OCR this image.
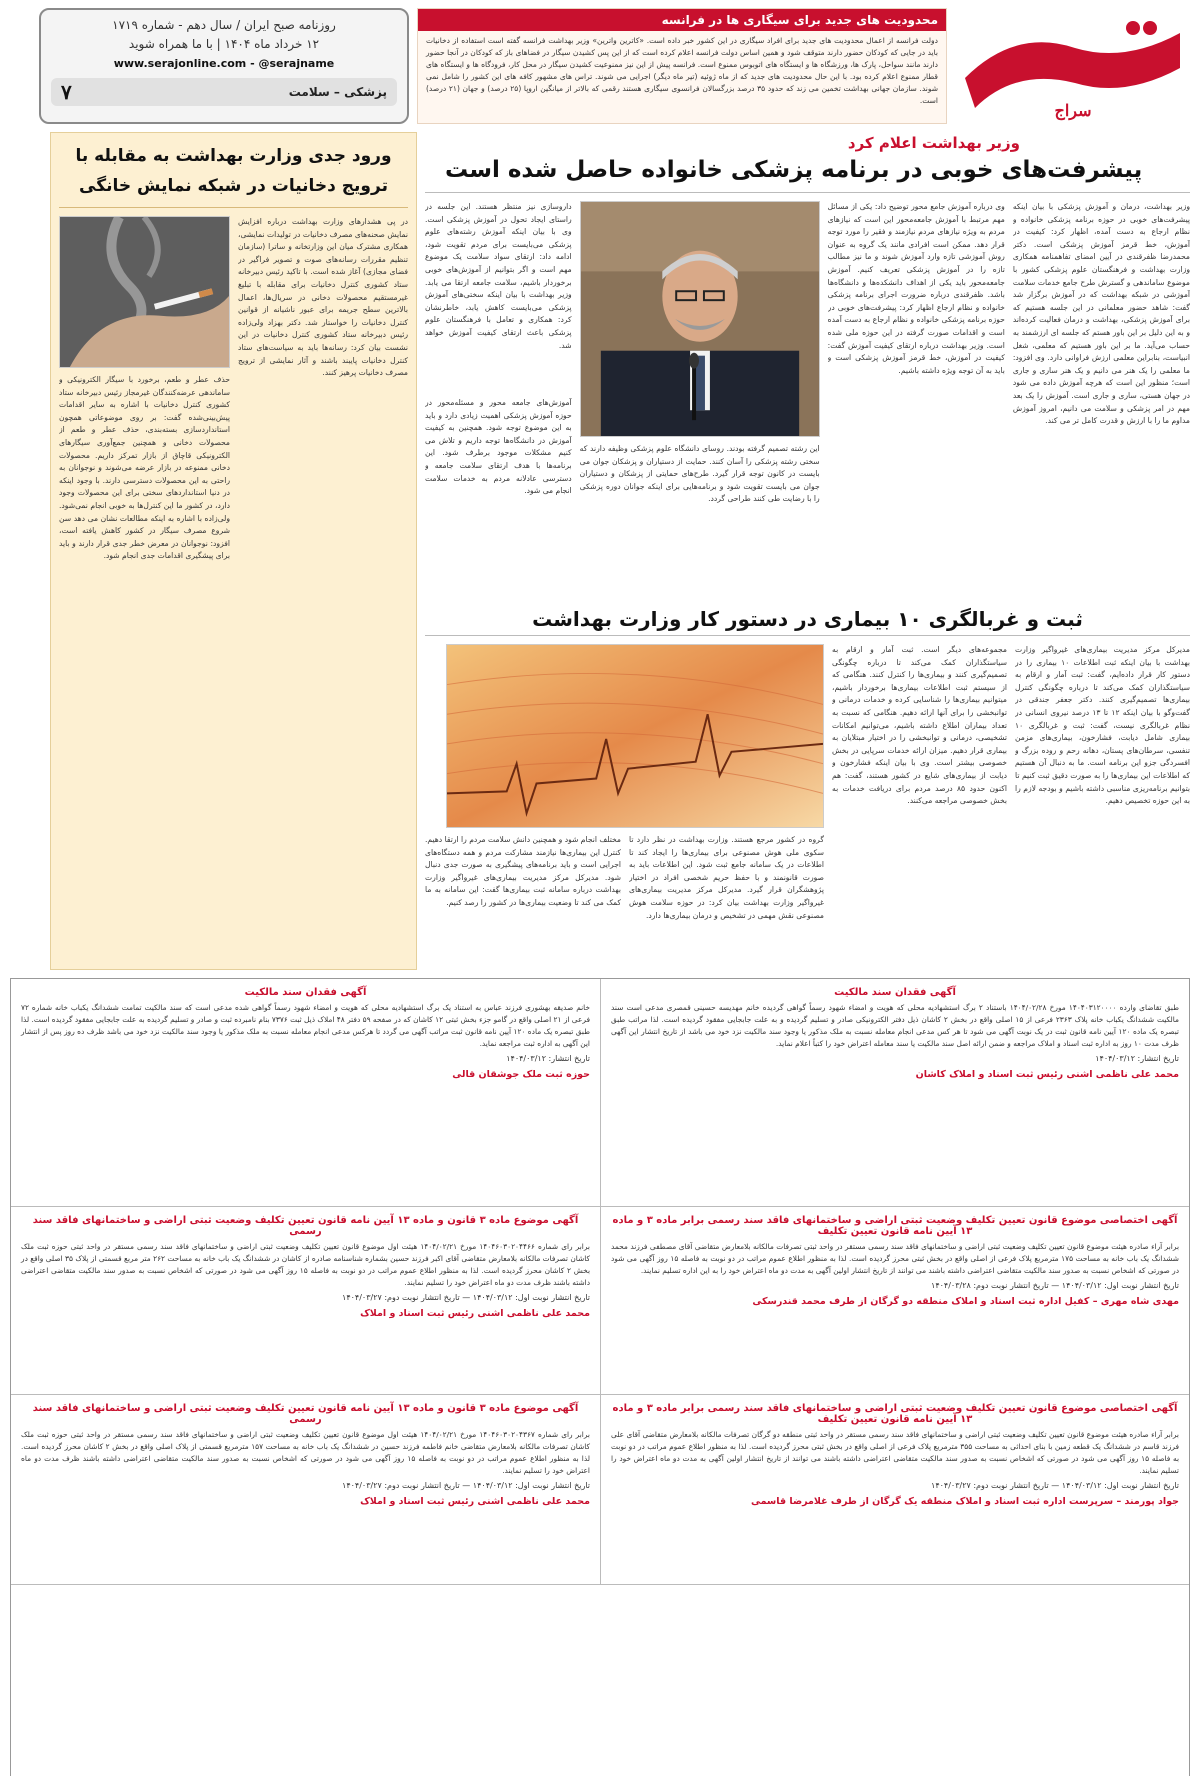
سراج
محدودیت های جدید برای سیگاری ها در فرانسه
دولت فرانسه از اعمال محدودیت های جدید برای افراد سیگاری در این کشور خبر داده است. «کاترین واترین» وزیر بهداشت فرانسه گفته است استفاده از دخانیات باید در جایی که کودکان حضور دارند متوقف شود و همین اساس دولت فرانسه اعلام کرده است که از این پس کشیدن سیگار در فضاهای باز که کودکان در آنجا حضور دارند مانند سواحل، پارک ها، ورزشگاه ها و ایستگاه های اتوبوس ممنوع است. فرانسه پیش از این نیز ممنوعیت کشیدن سیگار در محل کار، فرودگاه ها و ایستگاه های قطار ممنوع اعلام کرده بود. با این حال محدودیت های جدید که از ماه ژوئیه (تیر ماه دیگر) اجرایی می شوند. تراس های مشهور کافه های این کشور را شامل نمی شوند. سازمان جهانی بهداشت تخمین می زند که حدود ۳۵ درصد بزرگسالان فرانسوی سیگاری هستند رقمی که بالاتر از میانگین اروپا (۲۵ درصد) و جهان (۲۱ درصد) است.
روزنامه صبح ایران / سال دهم - شماره ۱۷۱۹
۱۲ خرداد ماه ۱۴۰۴ | با ما همراه شوید
www.serajonline.com - @serajname
پزشکی – سلامت
۷
وزیر بهداشت اعلام کرد
پیشرفت‌های خوبی در برنامه پزشکی خانواده حاصل شده است
وزیر بهداشت، درمان و آموزش پزشکی با بیان اینکه پیشرفت‌های خوبی در حوزه برنامه پزشکی خانواده و نظام ارجاع به دست آمده، اظهار کرد: کیفیت در آموزش، خط قرمز آموزش پزشکی است. دکتر محمدرضا ظفرقندی در آیین امضای تفاهمنامه همکاری وزارت بهداشت و فرهنگستان علوم پزشکی کشور با موضوع ساماندهی و گسترش طرح جامع خدمات سلامت آموزشی در شبکه بهداشت که در آموزش برگزار شد گفت: شاهد حضور معلمانی در این جلسه هستیم که برای آموزش پزشکی، بهداشت و درمان فعالیت کرده‌اند و به این دلیل بر این باور هستم که جلسه ای ارزشمند به حساب می‌آید. ما بر این باور هستیم که معلمی، شغل انبیاست، بنابراین معلمی ارزش فراوانی دارد. وی افزود: ما معلمی را یک هنر می دانیم و یک هنر ساری و جاری است؛ منظور این است که هرچه آموزش داده می شود در جهان هستی، ساری و جاری است. آموزش را یک بعد مهم در امر پزشکی و سلامت می دانیم، امروز آموزش مداوم ما را با ارزش و قدرت کامل تر می کند.
وی درباره آموزش جامع محور توضیح داد: یکی از مسائل مهم مرتبط با آموزش جامعه‌محور این است که نیازهای مردم به ویژه نیازهای مردم نیازمند و فقیر را مورد توجه قرار دهد. ممکن است افرادی مانند یک گروه به عنوان روش آموزشی تازه وارد آموزش شوند و ما نیز مطالب تازه را در آموزش پزشکی تعریف کنیم. آموزش جامعه‌محور باید یکی از اهداف دانشکده‌ها و دانشگاه‌ها باشد. ظفرقندی درباره ضرورت اجرای برنامه پزشکی خانواده و نظام ارجاع اظهار کرد: پیشرفت‌های خوبی در حوزه برنامه پزشکی خانواده و نظام ارجاع به دست آمده است و اقدامات صورت گرفته در این حوزه ملی شده است. وزیر بهداشت درباره ارتقای کیفیت آموزش گفت: کیفیت در آموزش، خط قرمز آموزش پزشکی است و باید به آن توجه ویژه داشته باشیم.
این رشته تصمیم گرفته بودند. روسای دانشگاه علوم پزشکی وظیفه دارند که سختی رشته پزشکی را آسان کنند. حمایت از دستیاران و پزشکان جوان می بایست در کانون توجه قرار گیرد. طرح‌های حمایتی از پزشکان و دستیاران جوان می بایست تقویت شود و برنامه‌هایی برای اینکه جوانان دوره پزشکی را با رضایت طی کنند طراحی گردد.
داروسازی نیز منتظر هستند. این جلسه در راستای ایجاد تحول در آموزش پزشکی است. وی با بیان اینکه آموزش رشته‌های علوم پزشکی می‌بایست برای مردم تقویت شود، ادامه داد: ارتقای سواد سلامت یک موضوع مهم است و اگر بتوانیم از آموزش‌های خوبی برخوردار باشیم، سلامت جامعه ارتقا می یابد. وزیر بهداشت با بیان اینکه سختی‌های آموزش پزشکی می‌بایست کاهش یابد، خاطرنشان کرد: همکاری و تعامل با فرهنگستان علوم پزشکی باعث ارتقای کیفیت آموزش خواهد شد.
آموزش‌های جامعه محور و مسئله‌محور در حوزه آموزش پزشکی اهمیت زیادی دارد و باید به این موضوع توجه شود. همچنین به کیفیت آموزش در دانشگاه‌ها توجه داریم و تلاش می کنیم مشکلات موجود برطرف شود. این برنامه‌ها با هدف ارتقای سلامت جامعه و دسترسی عادلانه مردم به خدمات سلامت انجام می شود.
ثبت و غربالگری ۱۰ بیماری در دستور کار وزارت بهداشت
مدیرکل مرکز مدیریت بیماری‌های غیرواگیر وزارت بهداشت با بیان اینکه ثبت اطلاعات ۱۰ بیماری را در دستور کار قرار داده‌ایم، گفت: ثبت آمار و ارقام به سیاستگذاران کمک می‌کند تا درباره چگونگی کنترل بیماری‌ها تصمیم‌گیری کنند. دکتر جعفر جندقی در گفت‌وگو با بیان اینکه ۱۲ تا ۱۳ درصد نیروی انسانی در نظام غربالگری نیست، گفت: ثبت و غربالگری ۱۰ بیماری شامل دیابت، فشارخون، بیماری‌های مزمن تنفسی، سرطان‌های پستان، دهانه رحم و روده بزرگ و افسردگی جزو این برنامه است. ما به دنبال آن هستیم که اطلاعات این بیماری‌ها را به صورت دقیق ثبت کنیم تا بتوانیم برنامه‌ریزی مناسبی داشته باشیم و بودجه لازم را به این حوزه تخصیص دهیم.
مجموعه‌های دیگر است. ثبت آمار و ارقام به سیاستگذاران کمک می‌کند تا درباره چگونگی تصمیم‌گیری کنند و بیماری‌ها را کنترل کنند. هنگامی که از سیستم ثبت اطلاعات بیماری‌ها برخوردار باشیم، میتوانیم بیماری‌ها را شناسایی کرده و خدمات درمانی و توانبخشی را برای آنها ارائه دهیم. هنگامی که نسبت به تعداد بیماران اطلاع داشته باشیم، می‌توانیم امکانات تشخیصی، درمانی و توانبخشی را در اختیار مبتلایان به بیماری قرار دهیم. میزان ارائه خدمات سرپایی در بخش خصوصی بیشتر است. وی با بیان اینکه فشارخون و دیابت از بیماری‌های شایع در کشور هستند، گفت: هم اکنون حدود ۸۵ درصد مردم برای دریافت خدمات به بخش خصوصی مراجعه می‌کنند.
گروه در کشور مرجع هستند. وزارت بهداشت در نظر دارد تا سکوی ملی هوش مصنوعی برای بیماری‌ها را ایجاد کند تا اطلاعات در یک سامانه جامع ثبت شود. این اطلاعات باید به صورت قانونمند و با حفظ حریم شخصی افراد در اختیار پژوهشگران قرار گیرد. مدیرکل مرکز مدیریت بیماری‌های غیرواگیر وزارت بهداشت بیان کرد: در حوزه سلامت هوش مصنوعی نقش مهمی در تشخیص و درمان بیماری‌ها دارد.
مختلف انجام شود و همچنین دانش سلامت مردم را ارتقا دهیم. کنترل این بیماری‌ها نیازمند مشارکت مردم و همه دستگاه‌های اجرایی است و باید برنامه‌های پیشگیری به صورت جدی دنبال شود. مدیرکل مرکز مدیریت بیماری‌های غیرواگیر وزارت بهداشت درباره سامانه ثبت بیماری‌ها گفت: این سامانه به ما کمک می کند تا وضعیت بیماری‌ها در کشور را رصد کنیم.
ورود جدی وزارت بهداشت به مقابله با ترویج دخانیات در شبکه نمایش خانگی
در پی هشدارهای وزارت بهداشت درباره افزایش نمایش صحنه‌های مصرف دخانیات در تولیدات نمایشی، همکاری مشترک میان این وزارتخانه و ساترا (سازمان تنظیم مقررات رسانه‌های صوت و تصویر فراگیر در فضای مجازی) آغاز شده است. با تاکید رئیس دبیرخانه ستاد کشوری کنترل دخانیات برای مقابله با تبلیغ غیرمستقیم محصولات دخانی در سریال‌ها، اعمال بالاترین سطح جریمه برای عبور ناشیانه از قوانین کنترل دخانیات را خواستار شد. دکتر بهزاد ولی‌زاده رئیس دبیرخانه ستاد کشوری کنترل دخانیات در این نشست بیان کرد: رسانه‌ها باید به سیاست‌های ستاد کنترل دخانیات پایبند باشند و آثار نمایشی از ترویج مصرف دخانیات پرهیز کنند.
حذف عطر و طعم، برخورد با سیگار الکترونیکی و ساماندهی عرضه‌کنندگان غیرمجاز رئیس دبیرخانه ستاد کشوری کنترل دخانیات با اشاره به سایر اقدامات پیش‌بینی‌شده گفت: بر روی موضوعاتی همچون استانداردسازی بسته‌بندی، حذف عطر و طعم از محصولات دخانی و همچنین جمع‌آوری سیگارهای الکترونیکی قاچاق از بازار تمرکز داریم. محصولات دخانی ممنوعه در بازار عرضه می‌شوند و نوجوانان به راحتی به این محصولات دسترسی دارند. با وجود اینکه در دنیا استانداردهای سختی برای این محصولات وجود دارد، در کشور ما این کنترل‌ها به خوبی انجام نمی‌شود. ولی‌زاده با اشاره به اینکه مطالعات نشان می دهد سن شروع مصرف سیگار در کشور کاهش یافته است، افزود: نوجوانان در معرض خطر جدی قرار دارند و باید برای پیشگیری اقدامات جدی انجام شود.
آگهی فقدان سند مالکیت
طبق تقاضای وارده ۱۴۰۴۰۳۱۲۰۰۰۰ مورخ ۱۴۰۴/۰۲/۲۸ باستناد ۲ برگ استشهادیه محلی که هویت و امضاء شهود رسماً گواهی گردیده خانم مهدیسه حسینی قمصری مدعی است سند مالکیت ششدانگ یکباب خانه پلاک ۲۳۶۳ فرعی از ۱۵ اصلی واقع در بخش ۲ کاشان ذیل دفتر الکترونیکی صادر و تسلیم گردیده و به علت جابجایی مفقود گردیده است. لذا مراتب طبق تبصره یک ماده ۱۲۰ آیین نامه قانون ثبت در یک نوبت آگهی می شود تا هر کس مدعی انجام معامله نسبت به ملک مذکور یا وجود سند مالکیت نزد خود می باشد از تاریخ انتشار این آگهی ظرف مدت ۱۰ روز به اداره ثبت اسناد و املاک مراجعه و ضمن ارائه اصل سند مالکیت یا سند معامله اعتراض خود را کتباً اعلام نماید.
تاریخ انتشار: ۱۴۰۴/۰۳/۱۲
محمد علی ناظمی اشنی رئیس ثبت اسناد و املاک کاشان
آگهی فقدان سند مالکیت
خانم صدیقه بهشوری فرزند عباس به استناد یک برگ استشهادیه محلی که هویت و امضاء شهود رسماً گواهی شده مدعی است که سند مالکیت تمامت ششدانگ یکباب خانه شماره ۷۲ فرعی از ۲۱ اصلی واقع در گامو جزء بخش ثبتی ۱۲ کاشان که در صفحه ۵۹ دفتر ۴۸ املاک ذیل ثبت ۷۳۷۶ بنام نامبرده ثبت و صادر و تسلیم گردیده به علت جابجایی مفقود گردیده است. لذا طبق تبصره یک ماده ۱۲۰ آیین نامه قانون ثبت مراتب آگهی می گردد تا هرکس مدعی انجام معامله نسبت به ملک مذکور یا وجود سند مالکیت نزد خود می باشد ظرف ده روز پس از انتشار این آگهی به اداره ثبت مراجعه نماید.
تاریخ انتشار: ۱۴۰۴/۰۳/۱۲
حوزه ثبت ملک جوشقان قالی
آگهی اختصاصی موضوع قانون تعیین تکلیف وضعیت ثبتی اراضی و ساختمانهای فاقد سند رسمی برابر ماده ۳ و ماده ۱۳ آیین نامه قانون تعیین تکلیف
برابر آراء صادره هیئت موضوع قانون تعیین تکلیف وضعیت ثبتی اراضی و ساختمانهای فاقد سند رسمی مستقر در واحد ثبتی تصرفات مالکانه بلامعارض متقاضی آقای مصطفی فرزند محمد ششدانگ یک باب خانه به مساحت ۱۷۵ مترمربع پلاک فرعی از اصلی واقع در بخش ثبتی محرز گردیده است. لذا به منظور اطلاع عموم مراتب در دو نوبت به فاصله ۱۵ روز آگهی می شود در صورتی که اشخاص نسبت به صدور سند مالکیت متقاضی اعتراضی داشته باشند می توانند از تاریخ انتشار اولین آگهی به مدت دو ماه اعتراض خود را به این اداره تسلیم نمایند.
تاریخ انتشار نوبت اول: ۱۴۰۴/۰۳/۱۲ — تاریخ انتشار نوبت دوم: ۱۴۰۴/۰۳/۲۸
مهدی شاه مهری – کفیل اداره ثبت اسناد و املاک منطقه دو گرگان از طرف محمد قندرسکی
آگهی موضوع ماده ۳ قانون و ماده ۱۳ آیین نامه قانون تعیین تکلیف وضعیت ثبتی اراضی و ساختمانهای فاقد سند رسمی
برابر رای شماره ۱۴۰۴۶۰۳۰۲۰۴۴۶۶ مورخ ۱۴۰۴/۰۲/۲۱ هیئت اول موضوع قانون تعیین تکلیف وضعیت ثبتی اراضی و ساختمانهای فاقد سند رسمی مستقر در واحد ثبتی حوزه ثبت ملک کاشان تصرفات مالکانه بلامعارض متقاضی آقای اکبر فرزند حسین بشماره شناسنامه صادره از کاشان در ششدانگ یک باب خانه به مساحت ۲۶۲ متر مربع قسمتی از پلاک ۳۵ اصلی واقع در بخش ۲ کاشان محرز گردیده است. لذا به منظور اطلاع عموم مراتب در دو نوبت به فاصله ۱۵ روز آگهی می شود در صورتی که اشخاص نسبت به صدور سند مالکیت متقاضی اعتراضی داشته باشند ظرف مدت دو ماه اعتراض خود را تسلیم نمایند.
تاریخ انتشار نوبت اول: ۱۴۰۴/۰۳/۱۲ — تاریخ انتشار نوبت دوم: ۱۴۰۴/۰۳/۲۷
محمد علی ناظمی اشنی رئیس ثبت اسناد و املاک
آگهی اختصاصی موضوع قانون تعیین تکلیف وضعیت ثبتی اراضی و ساختمانهای فاقد سند رسمی برابر ماده ۳ و ماده ۱۳ آیین نامه قانون تعیین تکلیف
برابر آراء صادره هیئت موضوع قانون تعیین تکلیف وضعیت ثبتی اراضی و ساختمانهای فاقد سند رسمی مستقر در واحد ثبتی منطقه دو گرگان تصرفات مالکانه بلامعارض متقاضی آقای علی فرزند قاسم در ششدانگ یک قطعه زمین با بنای احداثی به مساحت ۳۵۵ مترمربع پلاک فرعی از اصلی واقع در بخش ثبتی محرز گردیده است. لذا به منظور اطلاع عموم مراتب در دو نوبت به فاصله ۱۵ روز آگهی می شود در صورتی که اشخاص نسبت به صدور سند مالکیت متقاضی اعتراضی داشته باشند می توانند از تاریخ انتشار اولین آگهی به مدت دو ماه اعتراض خود را تسلیم نمایند.
تاریخ انتشار نوبت اول: ۱۴۰۴/۰۳/۱۲ — تاریخ انتشار نوبت دوم: ۱۴۰۴/۰۳/۲۷
جواد پورمند – سرپرست اداره ثبت اسناد و املاک منطقه یک گرگان از طرف غلامرضا قاسمی
آگهی موضوع ماده ۳ قانون و ماده ۱۳ آیین نامه قانون تعیین تکلیف وضعیت ثبتی اراضی و ساختمانهای فاقد سند رسمی
برابر رای شماره ۱۴۰۴۶۰۳۰۲۰۴۳۶۷ مورخ ۱۴۰۴/۰۲/۲۱ هیئت اول موضوع قانون تعیین تکلیف وضعیت ثبتی اراضی و ساختمانهای فاقد سند رسمی مستقر در واحد ثبتی حوزه ثبت ملک کاشان تصرفات مالکانه بلامعارض متقاضی خانم فاطمه فرزند حسین در ششدانگ یک باب خانه به مساحت ۱۵۷ مترمربع قسمتی از پلاک اصلی واقع در بخش ۲ کاشان محرز گردیده است. لذا به منظور اطلاع عموم مراتب در دو نوبت به فاصله ۱۵ روز آگهی می شود در صورتی که اشخاص نسبت به صدور سند مالکیت متقاضی اعتراضی داشته باشند ظرف مدت دو ماه اعتراض خود را تسلیم نمایند.
تاریخ انتشار نوبت اول: ۱۴۰۴/۰۳/۱۲ — تاریخ انتشار نوبت دوم: ۱۴۰۴/۰۳/۲۷
محمد علی ناظمی اشنی رئیس ثبت اسناد و املاک
